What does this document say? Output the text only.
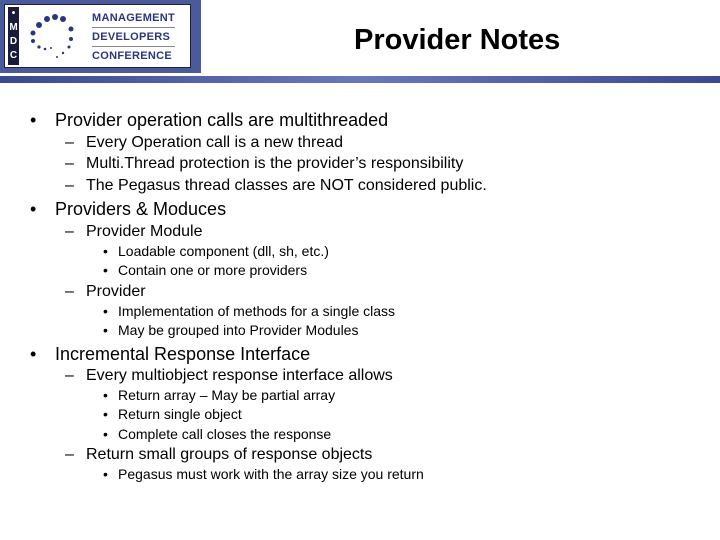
•
M
D
C
MANAGEMENT
DEVELOPERS
CONFERENCE	Provider Notes
• Provider operation calls are multithreaded
– Every Operation call is a new thread
– Multi.Thread protection is the provider’s responsibility
– The Pegasus thread classes are NOT considered public.
• Providers & Moduces
– Provider Module
• Loadable component (dll, sh, etc.)
• Contain one or more providers
– Provider
• Implementation of methods for a single class
• May be grouped into Provider Modules
• Incremental Response Interface
– Every multiobject response interface allows
• Return array – May be partial array
• Return single object
• Complete call closes the response
– Return small groups of response objects
• Pegasus must work with the array size you return
